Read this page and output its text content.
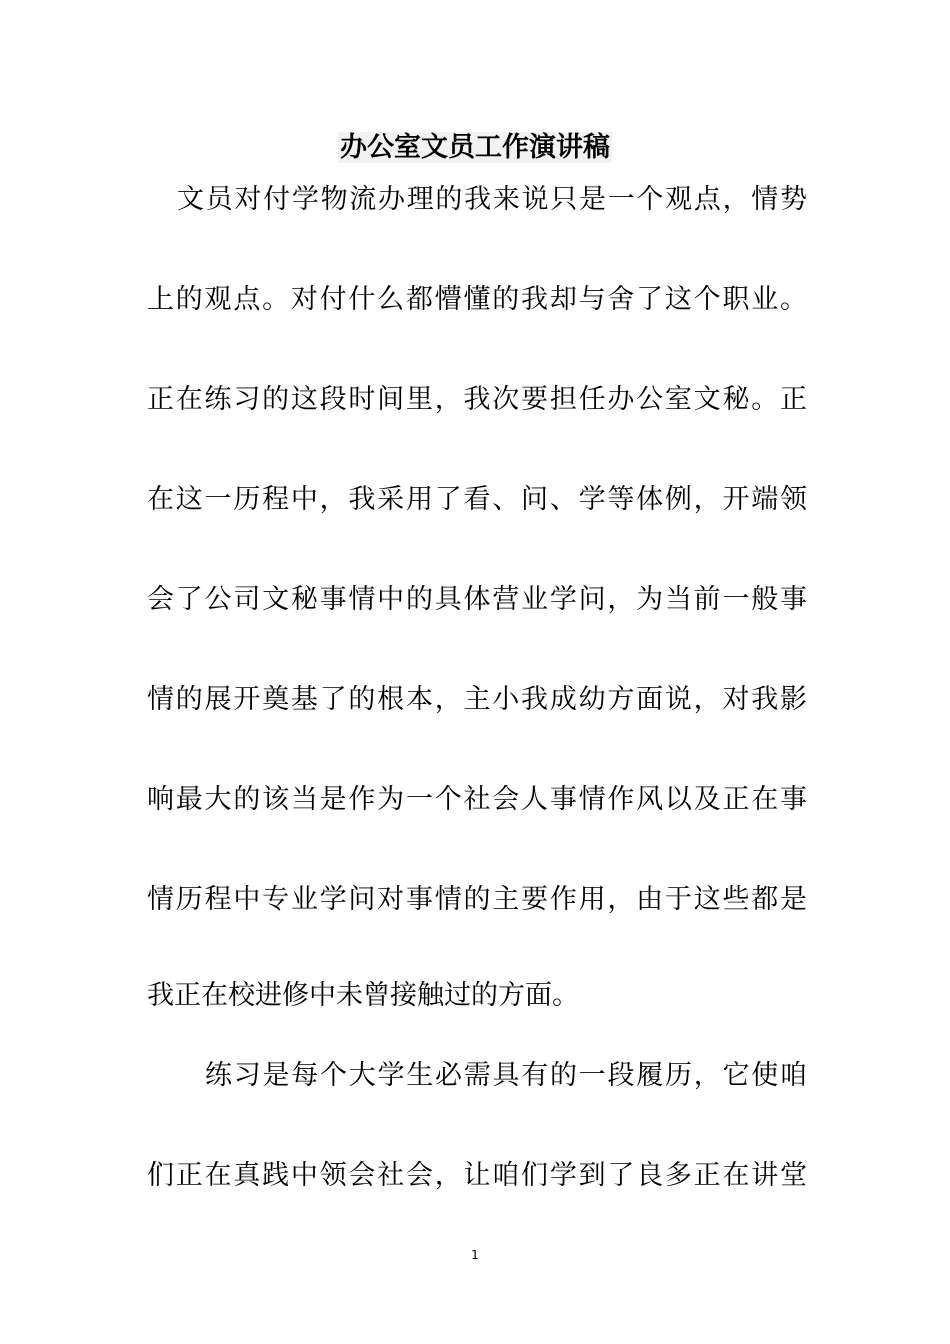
办公室文员工作演讲稿
文员对付学物流办理的我来说只是一个观点，情势
上的观点。对付什么都懵懂的我却与舍了这个职业。
正在练习的这段时间里，我次要担任办公室文秘。正
在这一历程中，我采用了看、问、学等体例，开端领
会了公司文秘事情中的具体营业学问，为当前一般事
情的展开奠基了的根本，主小我成幼方面说，对我影
响最大的该当是作为一个社会人事情作风以及正在事
情历程中专业学问对事情的主要作用，由于这些都是
我正在校进修中未曾接触过的方面。
练习是每个大学生必需具有的一段履历，它使咱
们正在真践中领会社会，让咱们学到了良多正在讲堂
1
